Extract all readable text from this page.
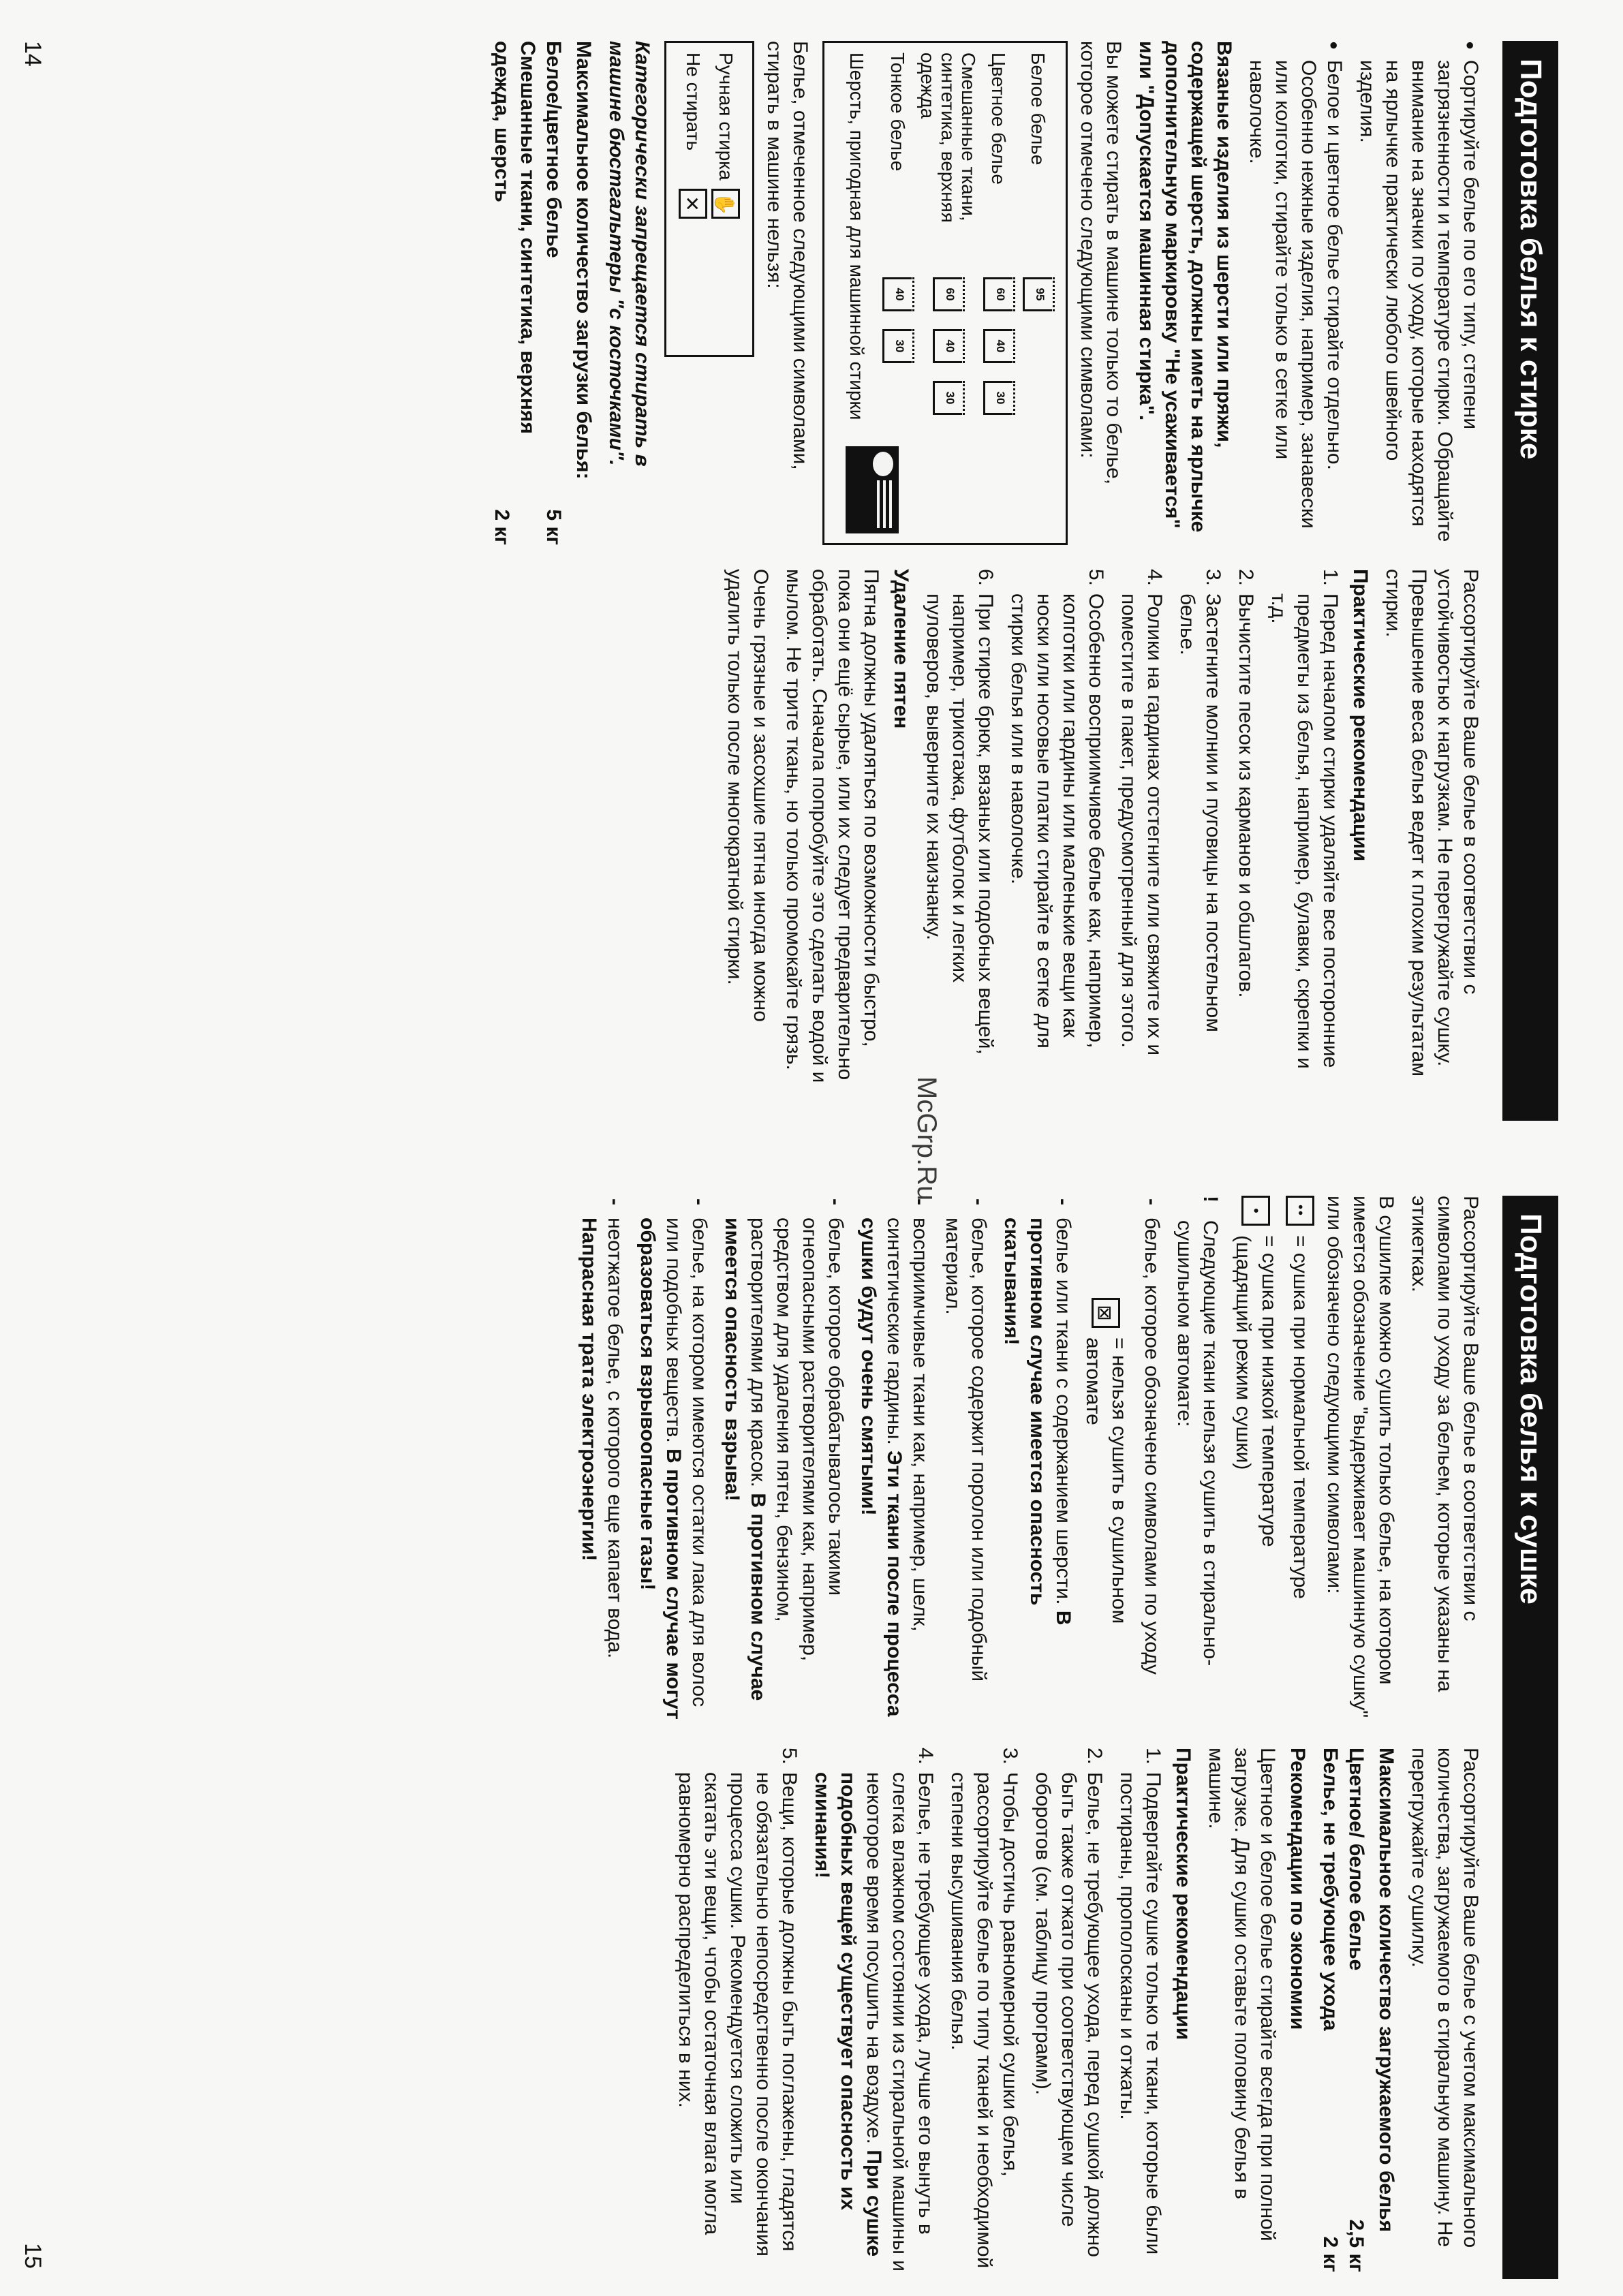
Подготовка белья к стирке

● Сортируйте белье по его типу, степени загрязненности и температуре стирки. Обращайте внимание на значки по уходу, которые находятся на ярлычке практически любого швейного изделия.

● Белое и цветное белье стирайте отдельно. Особенно нежные изделия, например, занавески или колготки, стирайте только в сетке или наволочке.

Вязаные изделия из шерсти или пряжи, содержащей шерсть, должны иметь на ярлычке дополнительную маркировку "Не усаживается" или "Допускается машинная стирка".

Вы можете стирать в машине только то белье, которое отмечено следующими символами:

Белое белье
95
Цветное белье
60
40
30
Смешанные ткани, синтетика, верхняя одежда
60
40
30
Тонкое белье
40
30
Шерсть, пригодная для машинной стирки

Белье, отмеченное следующими символами, стирать в машине нельзя:

Ручная стирка
✋
Не стирать
✕

Категорически запрещается стирать в машине бюстгальтеры "с косточками".

Максимальное количество загрузки белья:

Белое/цветное белье
5 кг
Смешанные ткани, синтетика, верхняя одежда, шерсть
2 кг

Рассортируйте Ваше белье в соответствии с устойчивостью к нагрузкам. Не перегружайте сушку. Превышение веса белья ведет к плохим результатам стирки.

Практические рекомендации

1.
Перед началом стирки удаляйте все посторонние предметы из белья, например, булавки, скрепки и т.д.

2.
Вычистите песок из карманов и обшлагов.

3.
Застегните молнии и пуговицы на постельном белье.

4.
Ролики на гардинах отстегните или свяжите их и поместите в пакет, предусмотренный для этого.

5.
Особенно восприимчивое белье как, например, колготки или гардины или маленькие вещи как носки или носовые платки стирайте в сетке для стирки белья или в наволочке.

6.
При стирке брюк, вязаных или подобных вещей, например, трикотажа, футболок и легких пуловеров, выверните их наизнанку.

Удаление пятен

Пятна должны удаляться по возможности быстро, пока они ещё сырые, или их следует предварительно обработать. Сначала попробуйте это сделать водой и мылом. Не трите ткань, но только промокайте грязь.

Очень грязные и засохшие пятна иногда можно удалить только после многократной стирки.

14
Подготовка белья к сушке

Рассортируйте Ваше белье в соответствии с символами по уходу за бельем, которые указаны на этикетках.

В сушилке можно сушить только белье, на котором имеется обозначение "выдерживает машинную сушку" или обозначено следующими символами:

••
= сушка при нормальной температуре
•
= сушка при низкой температуре (щадящий режим сушки)

!
Следующие ткани нельзя сушить в стирально-сушильном автомате:

-
белье, которое обозначено символами по уходу

⊠
= нельзя сушить в сушильном автомате

-
белье или ткани с содержанием шерсти. В противном случае имеется опасность скатывания!

-
белье, которое содержит поролон или подобный материал.

-
восприимчивые ткани как, например, шелк, синтетические гардины. Эти ткани после процесса сушки будут очень смятыми!

-
белье, которое обрабатывалось такими огнеопасными растворителями как, например, средством для удаления пятен, бензином, растворителями для красок. В противном случае имеется опасность взрыва!

-
белье, на котором имеются остатки лака для волос или подобных веществ. В противном случае могут образоваться взрывоопасные газы!

-
неотжатое белье, с которого еще капает вода. Напрасная трата электроэнергии!

Рассортируйте Ваше белье с учетом максимального количества, загружаемого в стиральную машину. Не перегружайте сушилку.

Максимальное количество загружаемого белья

Цветное/ белое белье
2,5 кг
Белье, не требующее ухода
2 кг

Рекомендации по экономии

Цветное и белое белье стирайте всегда при полной загрузке. Для сушки оставьте половину белья в машине.

Практические рекомендации

1.
Подвергайте сушке только те ткани, которые были постираны, прополосканы и отжаты.

2.
Белье, не требующее ухода, перед сушкой должно быть также отжато при соответствующем числе оборотов (см. таблицу программ).

3.
Чтобы достичь равномерной сушки белья, рассортируйте белье по типу тканей и необходимой степени высушивания белья.

4.
Белье, не требующее ухода, лучше его вынуть в слегка влажном состоянии из стиральной машины и некоторое время посушить на воздухе. При сушке подобных вещей существует опасность их сминания!

5.
Вещи, которые должны быть поглажены, гладятся не обязательно непосредственно после окончания процесса сушки. Рекомендуется сложить или скатать эти вещи, чтобы остаточная влага могла равномерно распределиться в них.

15
McGrp.Ru
